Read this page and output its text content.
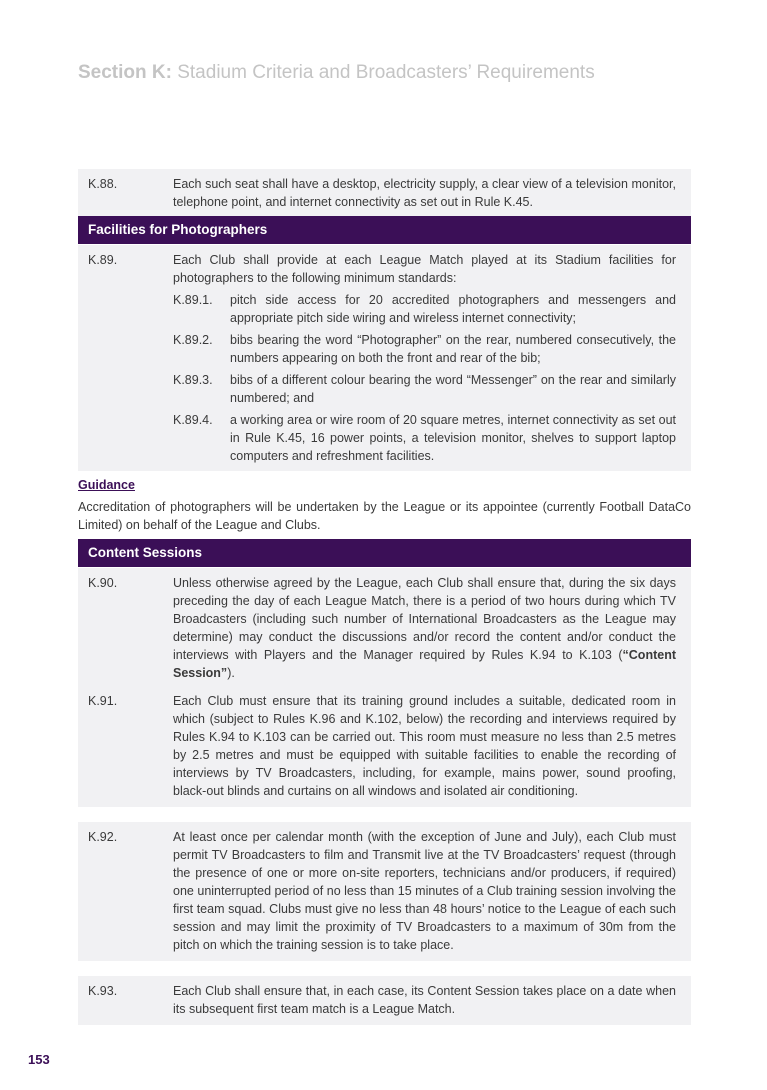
Section K: Stadium Criteria and Broadcasters’ Requirements
K.88.	Each such seat shall have a desktop, electricity supply, a clear view of a television monitor, telephone point, and internet connectivity as set out in Rule K.45.
Facilities for Photographers
K.89.	Each Club shall provide at each League Match played at its Stadium facilities for photographers to the following minimum standards:
K.89.1. pitch side access for 20 accredited photographers and messengers and appropriate pitch side wiring and wireless internet connectivity;
K.89.2. bibs bearing the word “Photographer” on the rear, numbered consecutively, the numbers appearing on both the front and rear of the bib;
K.89.3. bibs of a different colour bearing the word “Messenger” on the rear and similarly numbered; and
K.89.4. a working area or wire room of 20 square metres, internet connectivity as set out in Rule K.45, 16 power points, a television monitor, shelves to support laptop computers and refreshment facilities.
Guidance
Accreditation of photographers will be undertaken by the League or its appointee (currently Football DataCo Limited) on behalf of the League and Clubs.
Content Sessions
K.90.	Unless otherwise agreed by the League, each Club shall ensure that, during the six days preceding the day of each League Match, there is a period of two hours during which TV Broadcasters (including such number of International Broadcasters as the League may determine) may conduct the discussions and/or record the content and/or conduct the interviews with Players and the Manager required by Rules K.94 to K.103 (“Content Session”).
K.91.	Each Club must ensure that its training ground includes a suitable, dedicated room in which (subject to Rules K.96 and K.102, below) the recording and interviews required by Rules K.94 to K.103 can be carried out. This room must measure no less than 2.5 metres by 2.5 metres and must be equipped with suitable facilities to enable the recording of interviews by TV Broadcasters, including, for example, mains power, sound proofing, black-out blinds and curtains on all windows and isolated air conditioning.
K.92.	At least once per calendar month (with the exception of June and July), each Club must permit TV Broadcasters to film and Transmit live at the TV Broadcasters’ request (through the presence of one or more on-site reporters, technicians and/or producers, if required) one uninterrupted period of no less than 15 minutes of a Club training session involving the first team squad. Clubs must give no less than 48 hours’ notice to the League of each such session and may limit the proximity of TV Broadcasters to a maximum of 30m from the pitch on which the training session is to take place.
K.93.	Each Club shall ensure that, in each case, its Content Session takes place on a date when its subsequent first team match is a League Match.
153
